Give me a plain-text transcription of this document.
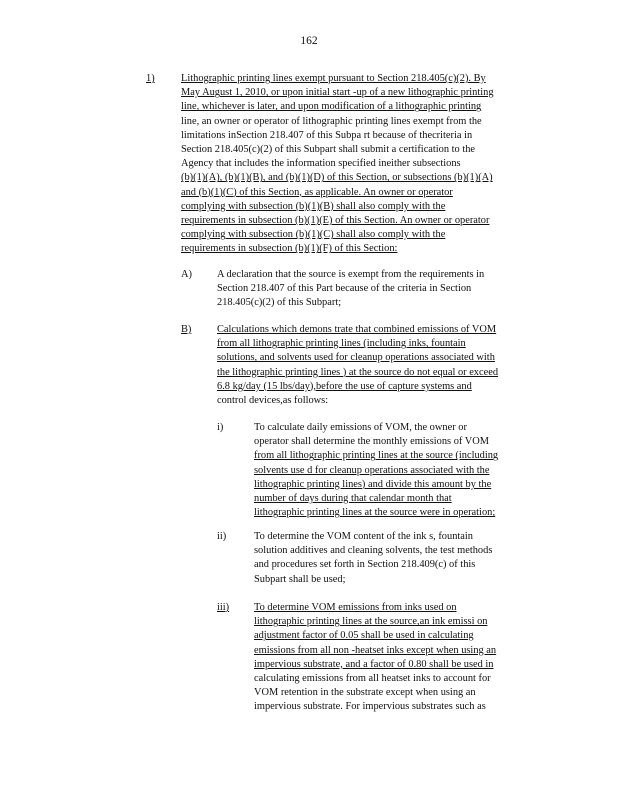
162
1)	Lithographic printing lines exempt pursuant to Section 218.405(c)(2). By
May August 1, 2010, or upon initial start -up of a new lithographic printing
line, whichever is later, and upon modification of a lithographic printing
line, an owner or operator of lithographic printing lines exempt from the
limitations inSection 218.407 of this Subpa rt because of thecriteria in
Section 218.405(c)(2) of this Subpart shall submit a certification to the
Agency that includes the information specified ineither subsections
(b)(1)(A), (b)(1)(B), and (b)(1)(D) of this Section, or subsections (b)(1)(A)
and (b)(1)(C) of this Section, as applicable. An owner or operator
complying with subsection (b)(1)(B) shall also comply with the
requirements in subsection (b)(1)(E) of this Section. An owner or operator
complying with subsection (b)(1)(C) shall also comply with the
requirements in subsection (b)(1)(F) of this Section:
A) A declaration that the source is exempt from the requirements in
Section 218.407 of this Part because of the criteria in Section
218.405(c)(2) of this Subpart;
B) Calculations which demons trate that combined emissions of VOM
from all lithographic printing lines (including inks, fountain
solutions, and solvents used for cleanup operations associated with
the lithographic printing lines ) at the source do not equal or exceed
6.8 kg/day (15 lbs/day),before the use of capture systems and
control devices,as follows:
i)	To calculate daily emissions of VOM, the owner or
operator shall determine the monthly emissions of VOM
from all lithographic printing lines at the source (including
solvents use d for cleanup operations associated with the
lithographic printing lines) and divide this amount by the
number of days during that calendar month that
lithographic printing lines at the source were in operation;
ii)	To determine the VOM content of the ink s, fountain
solution additives and cleaning solvents, the test methods
and procedures set forth in Section 218.409(c) of this
Subpart shall be used;
iii) To determine VOM emissions from inks used on
lithographic printing lines at the source,an ink emissi on
adjustment factor of 0.05 shall be used in calculating
emissions from all non -heatset inks except when using an
impervious substrate, and a factor of 0.80 shall be used in
calculating emissions from all heatset inks to account for
VOM retention in the substrate except when using an
impervious substrate. For impervious substrates such as
